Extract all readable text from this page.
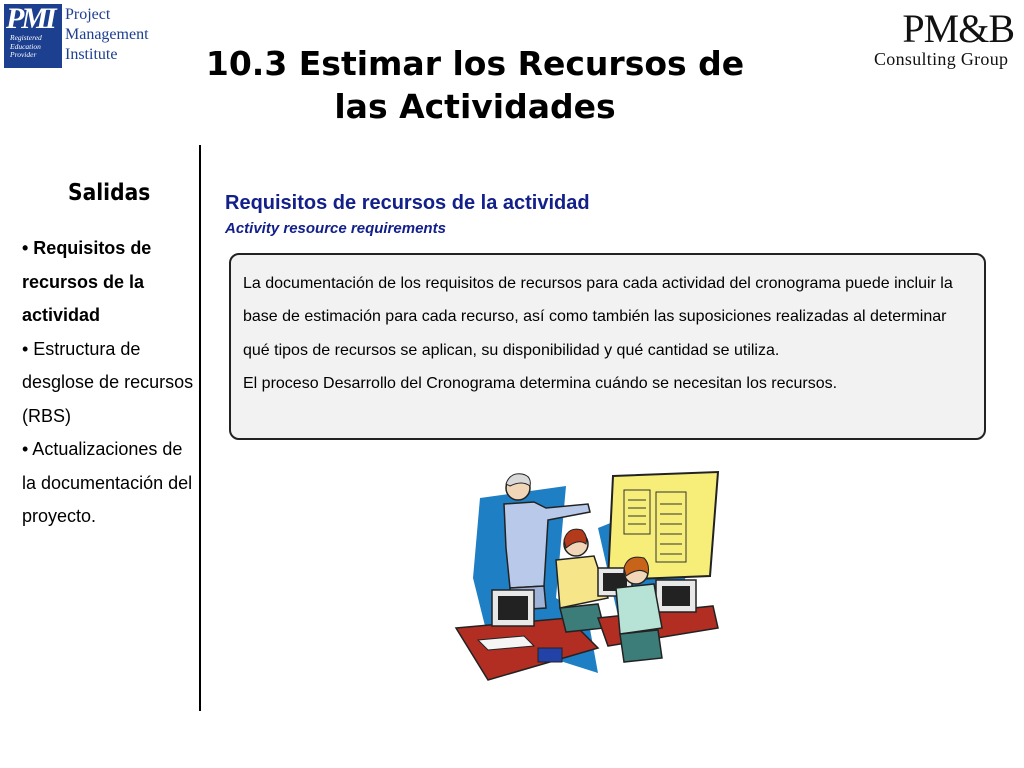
PMI
Registered
Education
Provider
Project
Management
Institute
PM&B
Consulting Group
10.3 Estimar los Recursos de
las Actividades
Salidas
• Requisitos de recursos de la actividad
• Estructura de desglose de recursos (RBS)
• Actualizaciones de la documentación del proyecto.
Requisitos de recursos de la actividad
Activity resource requirements

La documentación de los requisitos de recursos para cada actividad del cronograma puede incluir la base de estimación para cada recurso, así como también las suposiciones realizadas al determinar qué tipos de recursos se aplican, su disponibilidad y qué cantidad se utiliza.

El proceso Desarrollo del Cronograma determina cuándo se necesitan los recursos.
